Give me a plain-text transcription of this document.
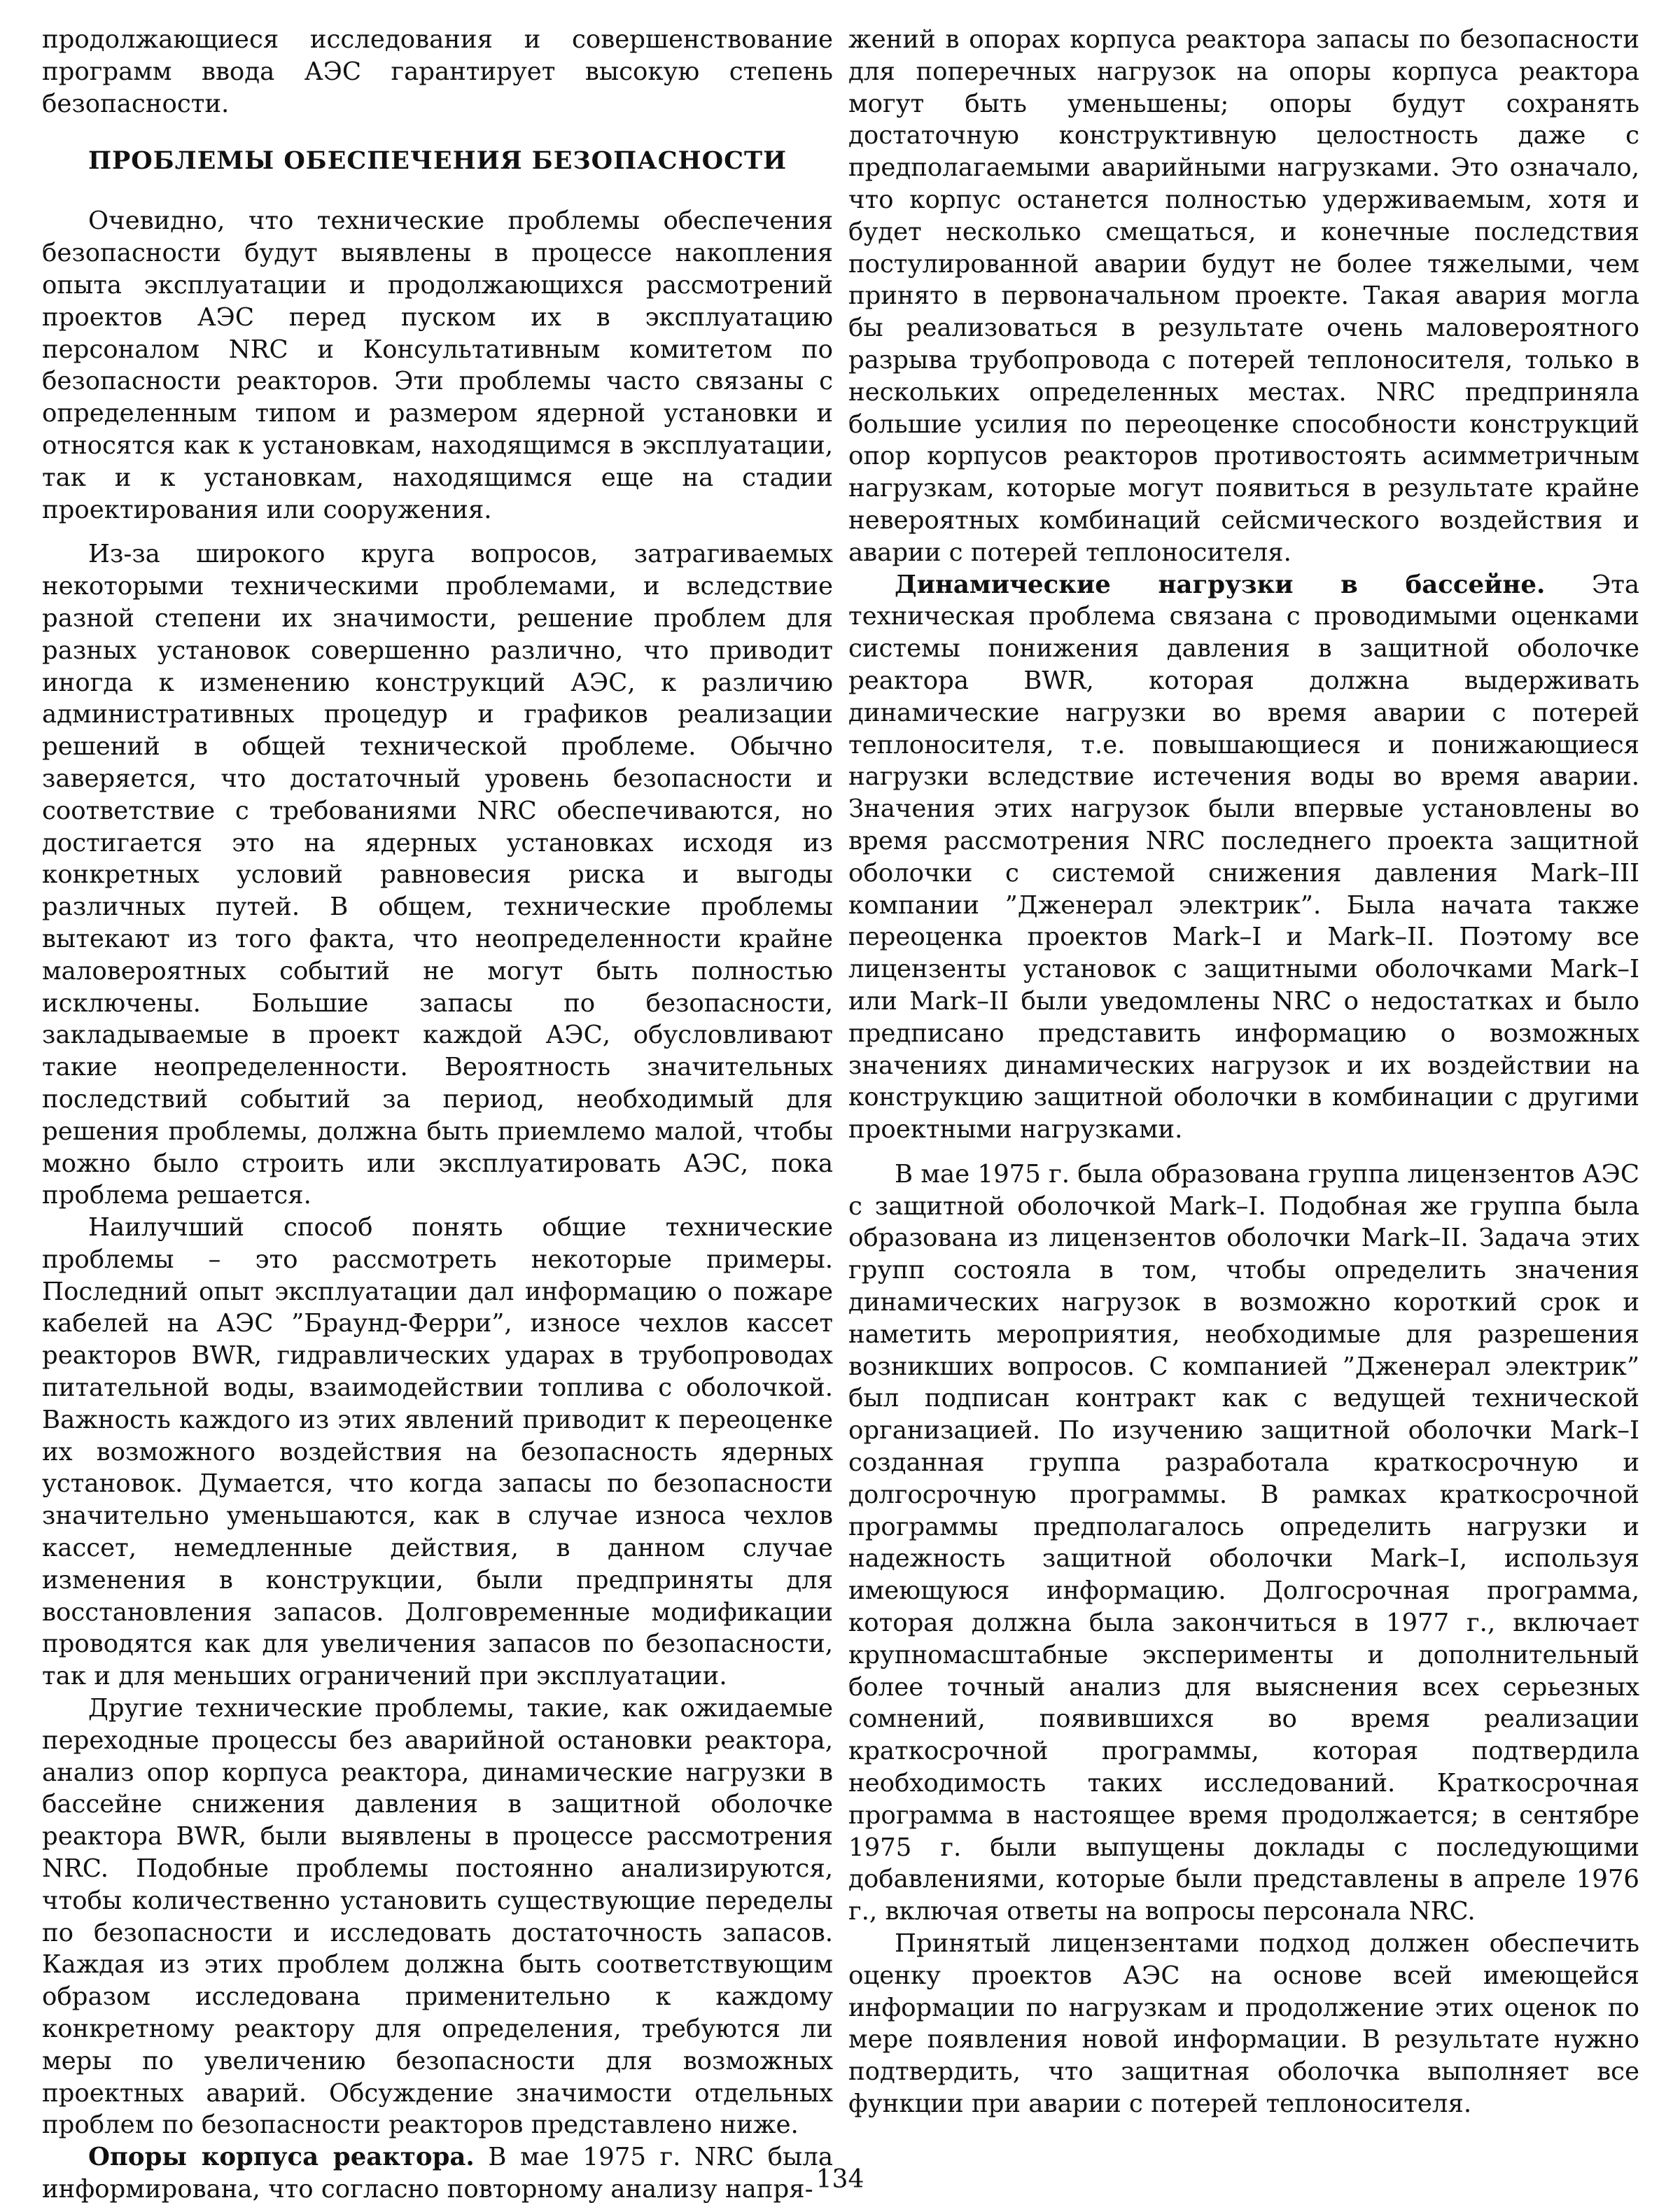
продолжающиеся исследования и совершенствование программ ввода АЭС гарантирует высокую степень безопасности.

ПРОБЛЕМЫ ОБЕСПЕЧЕНИЯ БЕЗОПАСНОСТИ

Очевидно, что технические проблемы обеспечения безопасности будут выявлены в процессе накопления опыта эксплуатации и продолжающихся рассмотрений проектов АЭС перед пуском их в эксплуатацию персоналом NRC и Консультативным комитетом по безопасности реакторов. Эти проблемы часто связаны с определенным типом и размером ядерной установки и относятся как к установкам, находящимся в эксплуатации, так и к установкам, находящимся еще на стадии проектирования или сооружения.

Из-за широкого круга вопросов, затрагиваемых некоторыми техническими проблемами, и вследствие разной степени их значимости, решение проблем для разных установок совершенно различно, что приводит иногда к изменению конструкций АЭС, к различию административных процедур и графиков реализации решений в общей технической проблеме. Обычно заверяется, что достаточный уровень безопасности и соответствие с требованиями NRC обеспечиваются, но достигается это на ядерных установках исходя из конкретных условий равновесия риска и выгоды различных путей. В общем, технические проблемы вытекают из того факта, что неопределенности крайне маловероятных событий не могут быть полностью исключены. Большие запасы по безопасности, закладываемые в проект каждой АЭС, обусловливают такие неопределенности. Вероятность значительных последствий событий за период, необходимый для решения проблемы, должна быть приемлемо малой, чтобы можно было строить или эксплуатировать АЭС, пока проблема решается.

Наилучший способ понять общие технические проблемы – это рассмотреть некоторые примеры. Последний опыт эксплуатации дал информацию о пожаре кабелей на АЭС ”Браунд-Ферри”, износе чехлов кассет реакторов BWR, гидравлических ударах в трубопроводах питательной воды, взаимодействии топлива с оболочкой. Важность каждого из этих явлений приводит к переоценке их возможного воздействия на безопасность ядерных установок. Думается, что когда запасы по безопасности значительно уменьшаются, как в случае износа чехлов кассет, немедленные действия, в данном случае изменения в конструкции, были предприняты для восстановления запасов. Долговременные модификации проводятся как для увеличения запасов по безопасности, так и для меньших ограничений при эксплуатации.

Другие технические проблемы, такие, как ожидаемые переходные процессы без аварийной остановки реактора, анализ опор корпуса реактора, динамические нагрузки в бассейне снижения давления в защитной оболочке реактора BWR, были выявлены в процессе рассмотрения NRC. Подобные проблемы постоянно анализируются, чтобы количественно установить существующие переделы по безопасности и исследовать достаточность запасов. Каждая из этих проблем должна быть соответствующим образом исследована применительно к каждому конкретному реактору для определения, требуются ли меры по увеличению безопасности для возможных проектных аварий. Обсуждение значимости отдельных проблем по безопасности реакторов представлено ниже.

Опоры корпуса реактора. В мае 1975 г. NRC была информирована, что согласно повторному анализу напря-

жений в опорах корпуса реактора запасы по безопасности для поперечных нагрузок на опоры корпуса реактора могут быть уменьшены; опоры будут сохранять достаточную конструктивную целостность даже с предполагаемыми аварийными нагрузками. Это означало, что корпус останется полностью удерживаемым, хотя и будет несколько смещаться, и конечные последствия постулированной аварии будут не более тяжелыми, чем принято в первоначальном проекте. Такая авария могла бы реализоваться в результате очень маловероятного разрыва трубопровода с потерей теплоносителя, только в нескольких определенных местах. NRC предприняла большие усилия по переоценке способности конструкций опор корпусов реакторов противостоять асимметричным нагрузкам, которые могут появиться в результате крайне невероятных комбинаций сейсмического воздействия и аварии с потерей теплоносителя.

Динамические нагрузки в бассейне. Эта техническая проблема связана с проводимыми оценками системы понижения давления в защитной оболочке реактора BWR, которая должна выдерживать динамические нагрузки во время аварии с потерей теплоносителя, т.е. повышающиеся и понижающиеся нагрузки вследствие истечения воды во время аварии. Значения этих нагрузок были впервые установлены во время рассмотрения NRC последнего проекта защитной оболочки с системой снижения давления Mark–III компании ”Дженерал электрик”. Была начата также переоценка проектов Mark–I и Mark–II. Поэтому все лицензенты установок с защитными оболочками Mark–I или Mark–II были уведомлены NRC о недостатках и было предписано представить информацию о возможных значениях динамических нагрузок и их воздействии на конструкцию защитной оболочки в комбинации с другими проектными нагрузками.

В мае 1975 г. была образована группа лицензентов АЭС с защитной оболочкой Mark–I. Подобная же группа была образована из лицензентов оболочки Mark–II. Задача этих групп состояла в том, чтобы определить значения динамических нагрузок в возможно короткий срок и наметить мероприятия, необходимые для разрешения возникших вопросов. С компанией ”Дженерал электрик” был подписан контракт как с ведущей технической организацией. По изучению защитной оболочки Mark–I созданная группа разработала краткосрочную и долгосрочную программы. В рамках краткосрочной программы предполагалось определить нагрузки и надежность защитной оболочки Mark–I, используя имеющуюся информацию. Долгосрочная программа, которая должна была закончиться в 1977 г., включает крупномасштабные эксперименты и дополнительный более точный анализ для выяснения всех серьезных сомнений, появившихся во время реализации краткосрочной программы, которая подтвердила необходимость таких исследований. Краткосрочная программа в настоящее время продолжается; в сентябре 1975 г. были выпущены доклады с последующими добавлениями, которые были представлены в апреле 1976 г., включая ответы на вопросы персонала NRC.

Принятый лицензентами подход должен обеспечить оценку проектов АЭС на основе всей имеющейся информации по нагрузкам и продолжение этих оценок по мере появления новой информации. В результате нужно подтвердить, что защитная оболочка выполняет все функции при аварии с потерей теплоносителя.

134
